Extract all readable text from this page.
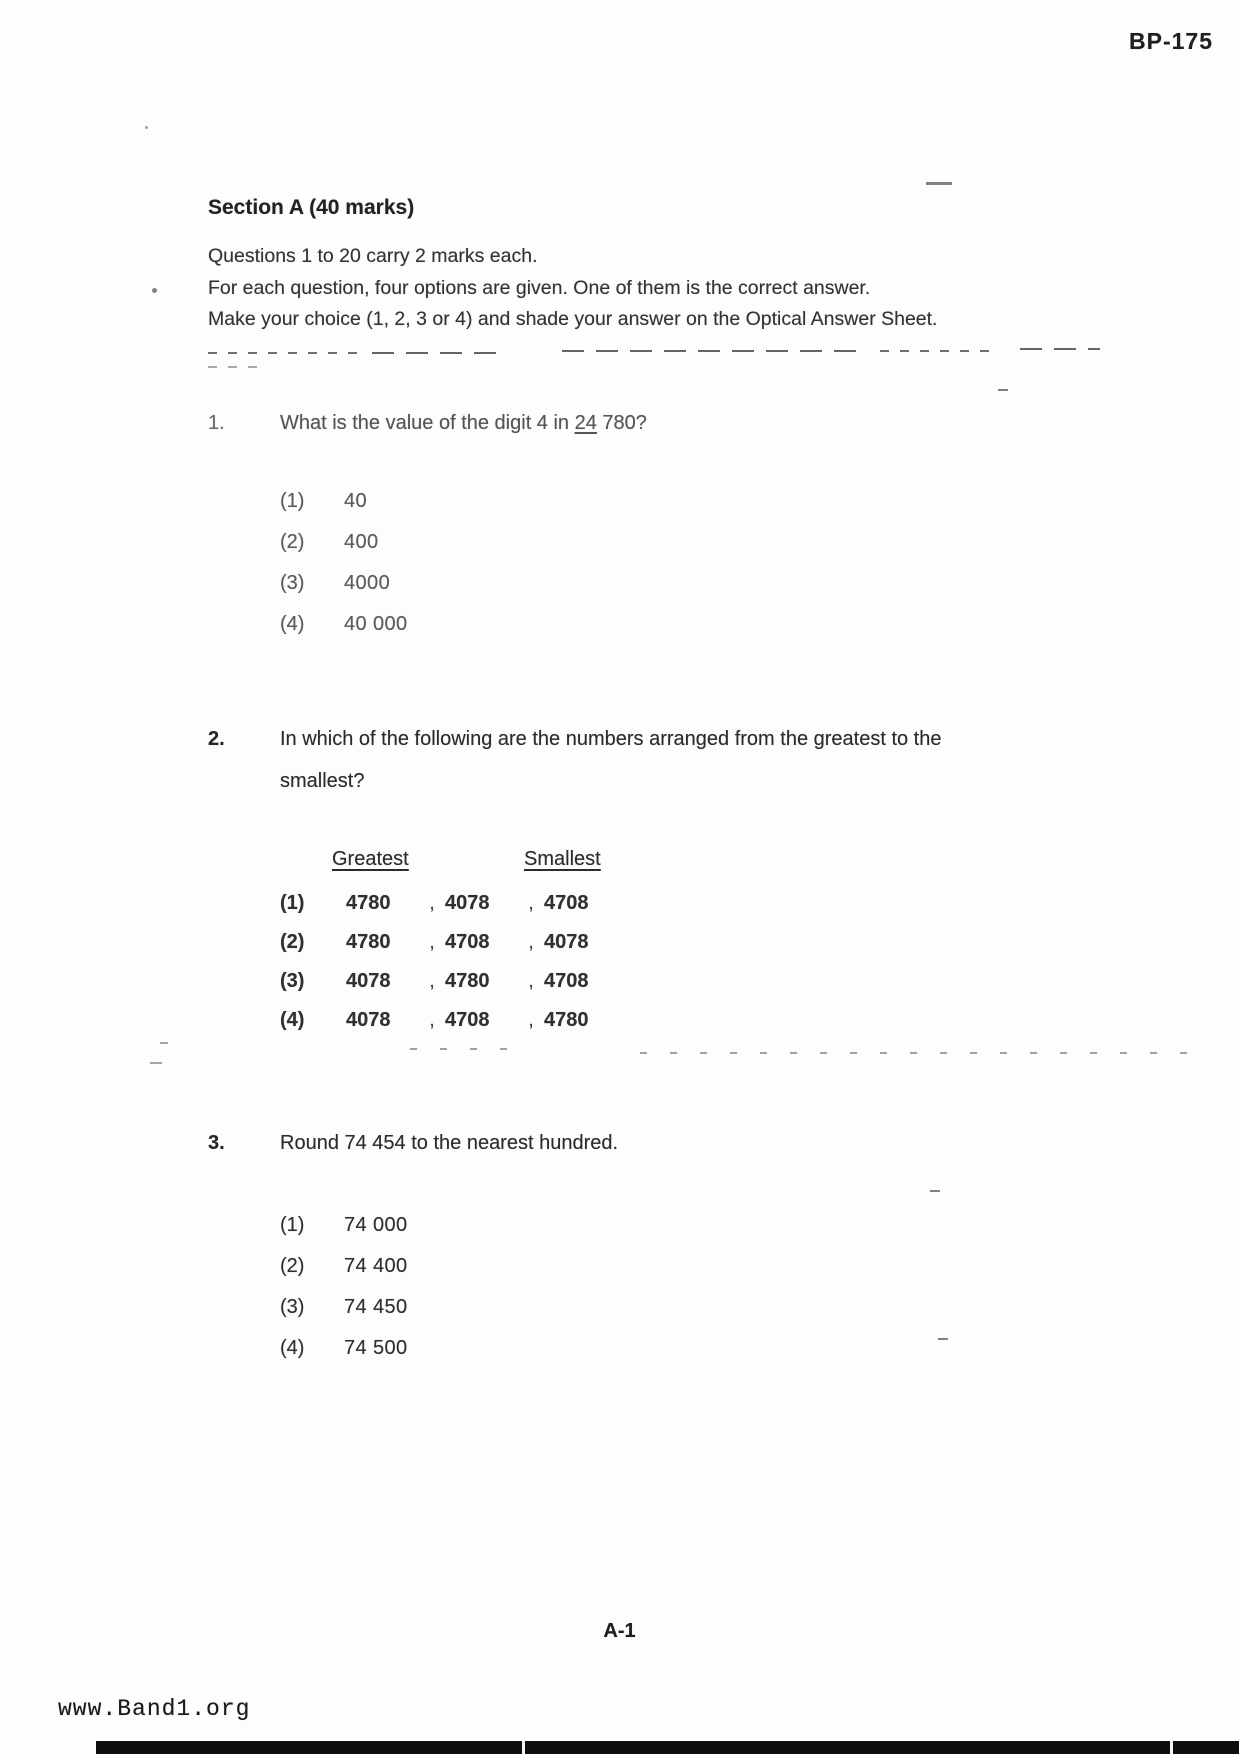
BP-175
Section A (40 marks)
Questions 1 to 20 carry 2 marks each.
For each question, four options are given. One of them is the correct answer.
Make your choice (1, 2, 3 or 4) and shade your answer on the Optical Answer Sheet.
1.	What is the value of the digit 4 in 24 780?
(1)	40
(2)	400
(3)	4000
(4)	40 000
2.	In which of the following are the numbers arranged from the greatest to the
smallest?
Greatest	Smallest
(1)	4780	, 4078	, 4708
(2)	4780	, 4708	, 4078
(3)	4078	, 4780	, 4708
(4)	4078	, 4708	, 4780
3.	Round 74 454 to the nearest hundred.
(1)	74 000
(2)	74 400
(3)	74 450
(4)	74 500
A-1
www.Band1.org
